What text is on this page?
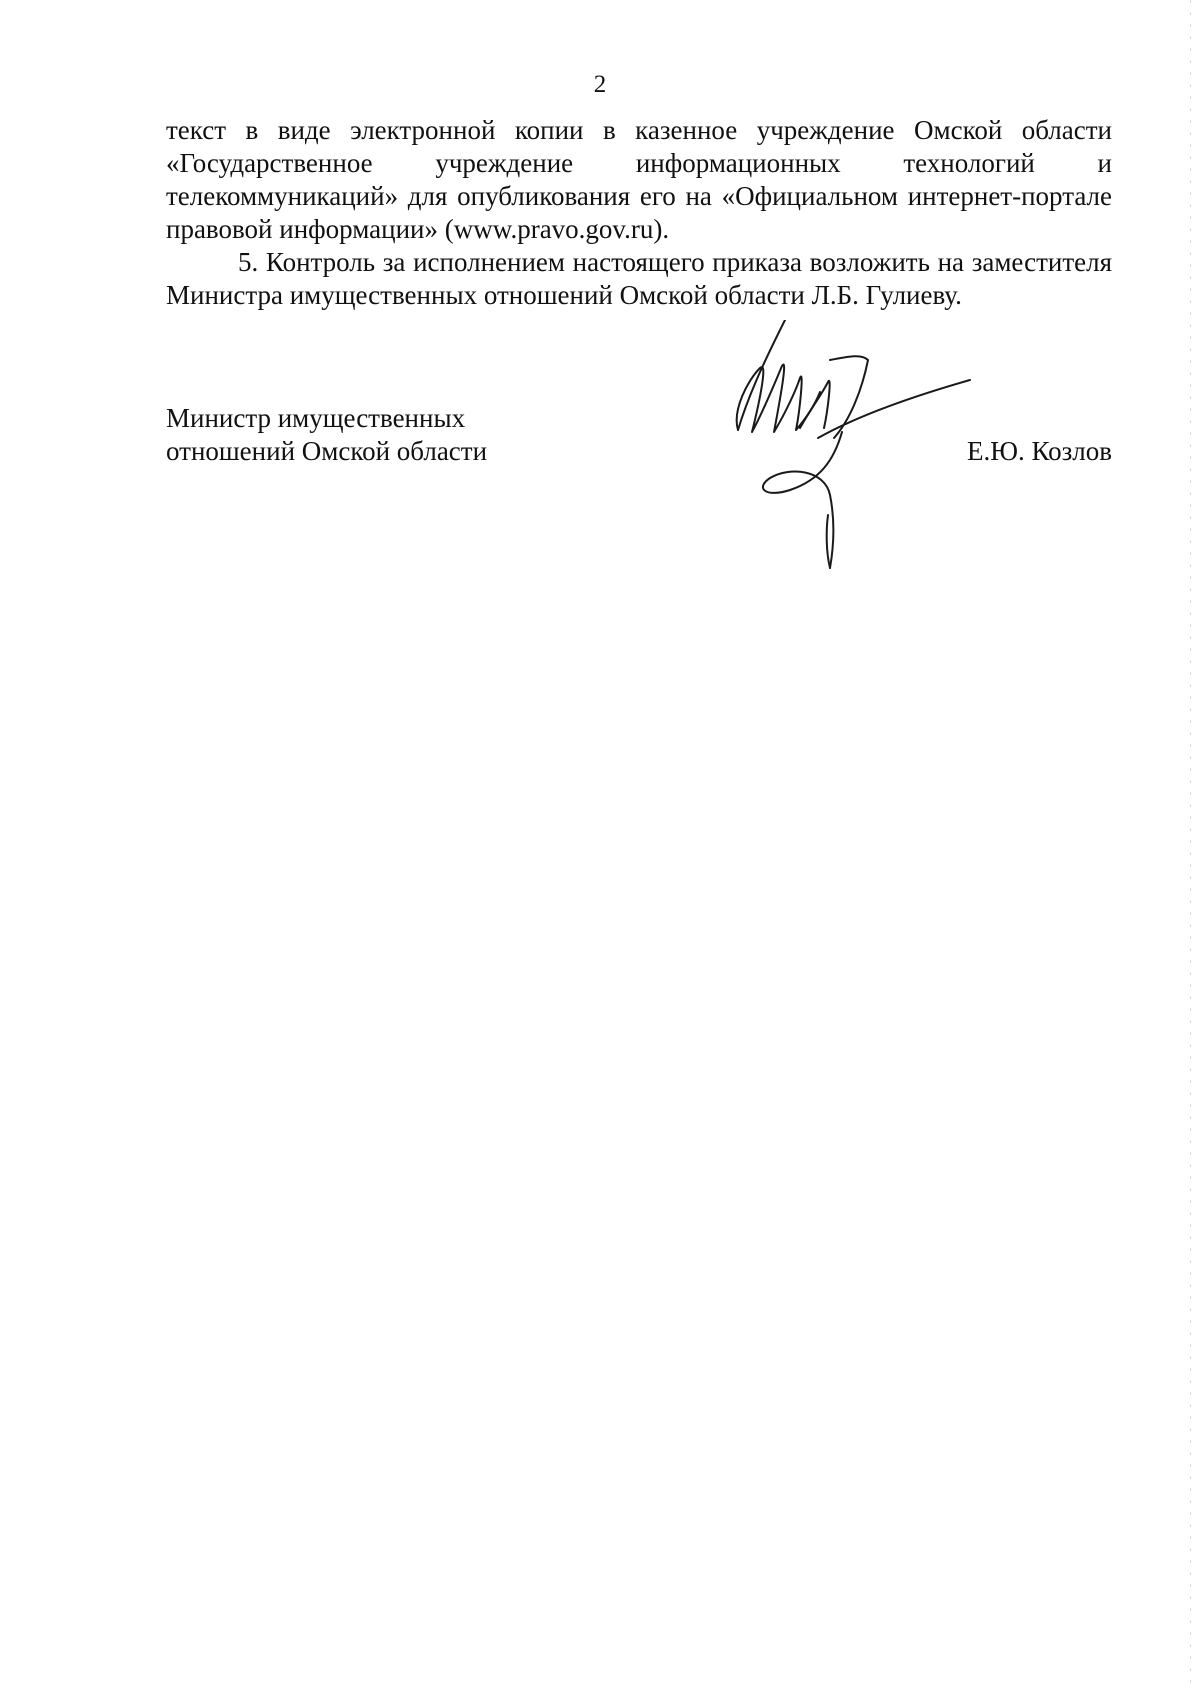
2

текст в виде электронной копии в казенное учреждение Омской области «Государственное учреждение информационных технологий и телекоммуникаций» для опубликования его на «Официальном интернет-портале правовой информации» (www.pravo.gov.ru).

5. Контроль за исполнением настоящего приказа возложить на заместителя Министра имущественных отношений Омской области Л.Б. Гулиеву.

Министр имущественных
отношений Омской области	Е.Ю. Козлов
